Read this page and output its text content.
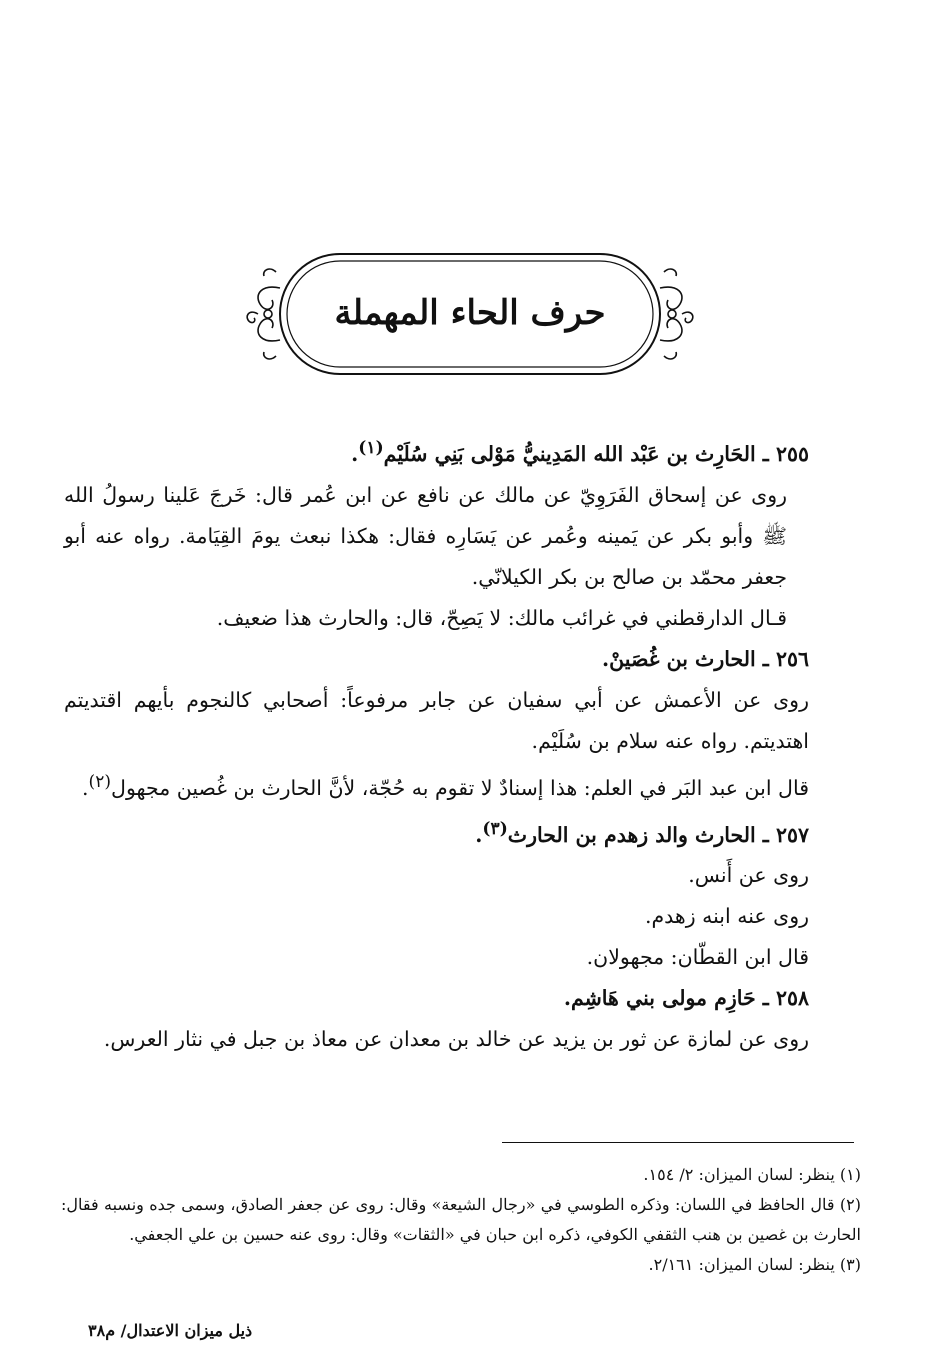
حرف الحاء المهملة

٢٥٥ ـ الحَارِث بن عَبْد الله المَدِينيُّ مَوْلى بَنِي سُلَيْم$^{(١)}$.

روى عن إسحاق الفَرَوِيّ عن مالك عن نافع عن ابن عُمر قال: خَرجَ عَلينا رسولُ الله ﷺ وأبو بكر عن يَمينه وعُمر عن يَسَارِه فقال: هكذا نبعث يومَ القِيَامة. رواه عنه أبو جعفر محمّد بن صالح بن بكر الكيلانّي.

قـال الدارقطني في غرائب مالك: لا يَصِحّ، قال: والحارث هذا ضعيف.

٢٥٦ ـ الحارث بن غُصَينْ.

روى عن الأعمش عن أبي سفيان عن جابر مرفوعاً: أصحابي كالنجوم بأيهم اقتديتم اهتديتم. رواه عنه سلام بن سُلَيْم.

قال ابن عبد البَر في العلم: هذا إسنادٌ لا تقوم به حُجّة، لأنَّ الحارث بن غُصين مجهول$^{(٢)}$.

٢٥٧ ـ الحارث والد زهدم بن الحارث$^{(٣)}$.

روى عن أَنس.

روى عنه ابنه زهدم.

قال ابن القطّان: مجهولان.

٢٥٨ ـ حَازِم مولى بني هَاشِم.

روى عن لمازة عن ثور بن يزيد عن خالد بن معدان عن معاذ بن جبل في نثار العرس.

(١) ينظر: لسان الميزان: ٢/ ١٥٤.

(٢) قال الحافظ في اللسان: وذكره الطوسي في «رجال الشيعة» وقال: روى عن جعفر الصادق، وسمى جده ونسبه فقال: الحارث بن غصين بن هنب الثقفي الكوفي، ذكره ابن حبان في «الثقات» وقال: روى عنه حسين بن علي الجعفي.

(٣) ينظر: لسان الميزان: ٢/١٦١.

ذيل ميزان الاعتدال/ م٣٨
